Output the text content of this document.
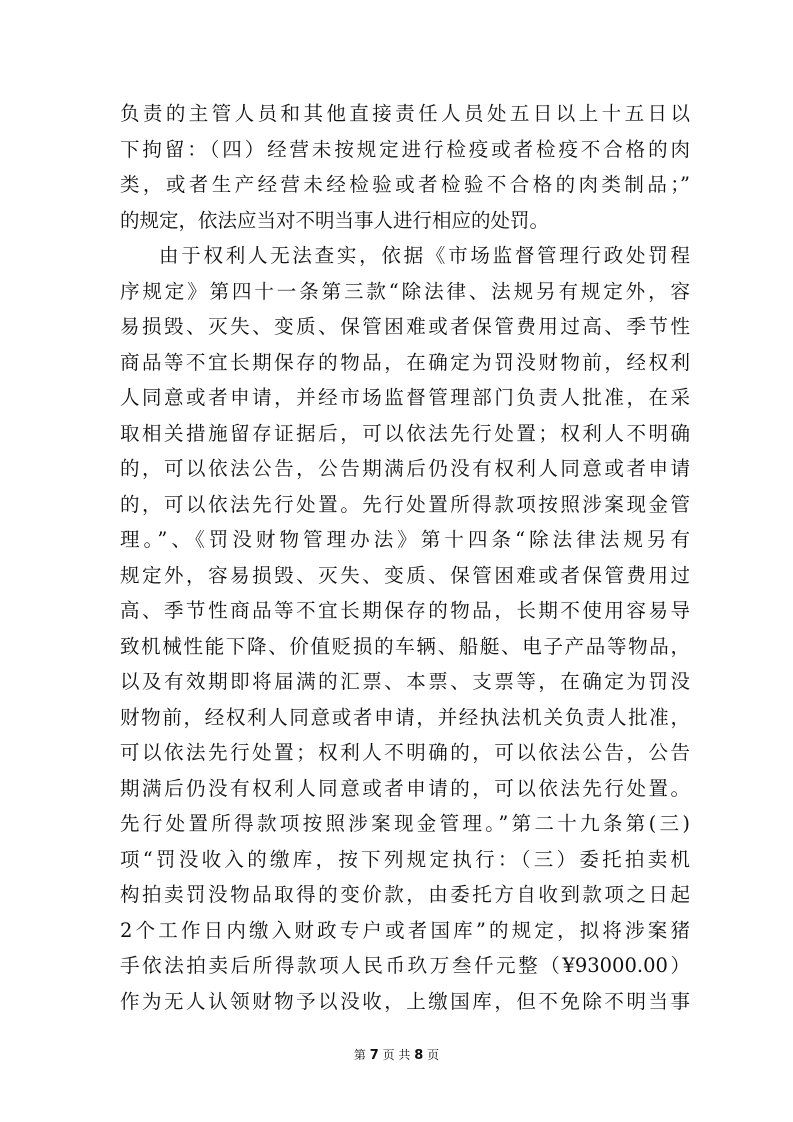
负责的主管人员和其他直接责任人员处五日以上十五日以
下拘留：（四）经营未按规定进行检疫或者检疫不合格的肉
类，或者生产经营未经检验或者检验不合格的肉类制品；”
的规定，依法应当对不明当事人进行相应的处罚。
由于权利人无法查实，依据《市场监督管理行政处罚程
序规定》第四十一条第三款“除法律、法规另有规定外，容
易损毁、灭失、变质、保管困难或者保管费用过高、季节性
商品等不宜长期保存的物品，在确定为罚没财物前，经权利
人同意或者申请，并经市场监督管理部门负责人批准，在采
取相关措施留存证据后，可以依法先行处置；权利人不明确
的，可以依法公告，公告期满后仍没有权利人同意或者申请
的，可以依法先行处置。先行处置所得款项按照涉案现金管
理。”、《罚没财物管理办法》第十四条“除法律法规另有
规定外，容易损毁、灭失、变质、保管困难或者保管费用过
高、季节性商品等不宜长期保存的物品，长期不使用容易导
致机械性能下降、价值贬损的车辆、船艇、电子产品等物品，
以及有效期即将届满的汇票、本票、支票等，在确定为罚没
财物前，经权利人同意或者申请，并经执法机关负责人批准，
可以依法先行处置；权利人不明确的，可以依法公告，公告
期满后仍没有权利人同意或者申请的，可以依法先行处置。
先行处置所得款项按照涉案现金管理。”第二十九条第(三)
项“罚没收入的缴库，按下列规定执行：（三）委托拍卖机
构拍卖罚没物品取得的变价款，由委托方自收到款项之日起
2个工作日内缴入财政专户或者国库”的规定，拟将涉案猪
手依法拍卖后所得款项人民币玖万叁仟元整（¥93000.00）
作为无人认领财物予以没收，上缴国库，但不免除不明当事
第 7 页 共 8 页
